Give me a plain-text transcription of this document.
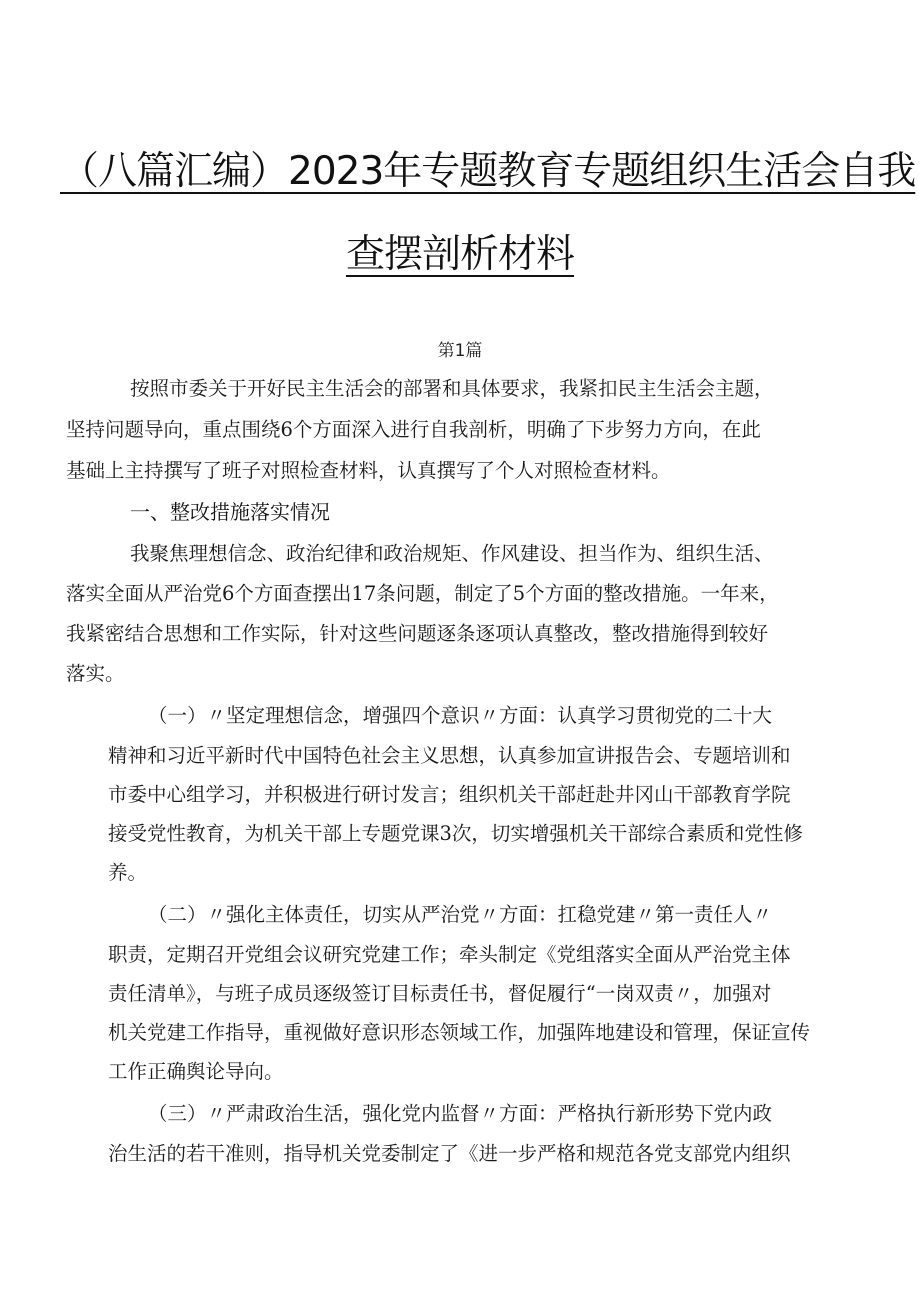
（八篇汇编）2023年专题教育专题组织生活会自我
查摆剖析材料
第1篇
按照市委关于开好民主生活会的部署和具体要求，我紧扣民主生活会主题，
坚持问题导向，重点围绕6个方面深入进行自我剖析，明确了下步努力方向，在此
基础上主持撰写了班子对照检查材料，认真撰写了个人对照检查材料。
一、整改措施落实情况
我聚焦理想信念、政治纪律和政治规矩、作风建设、担当作为、组织生活、
落实全面从严治党6个方面查摆出17条问题，制定了5个方面的整改措施。一年来，
我紧密结合思想和工作实际，针对这些问题逐条逐项认真整改，整改措施得到较好
落实。
（一）〃坚定理想信念，增强四个意识〃方面：认真学习贯彻党的二十大
精神和习近平新时代中国特色社会主义思想，认真参加宣讲报告会、专题培训和
市委中心组学习，并积极进行研讨发言；组织机关干部赶赴井冈山干部教育学院
接受党性教育，为机关干部上专题党课3次，切实增强机关干部综合素质和党性修
养。
（二）〃强化主体责任，切实从严治党〃方面：扛稳党建〃第一责任人〃
职责，定期召开党组会议研究党建工作；牵头制定《党组落实全面从严治党主体
责任清单》，与班子成员逐级签订目标责任书，督促履行“一岗双责〃，加强对
机关党建工作指导，重视做好意识形态领域工作，加强阵地建设和管理，保证宣传
工作正确舆论导向。
（三）〃严肃政治生活，强化党内监督〃方面：严格执行新形势下党内政
治生活的若干准则，指导机关党委制定了《进一步严格和规范各党支部党内组织
